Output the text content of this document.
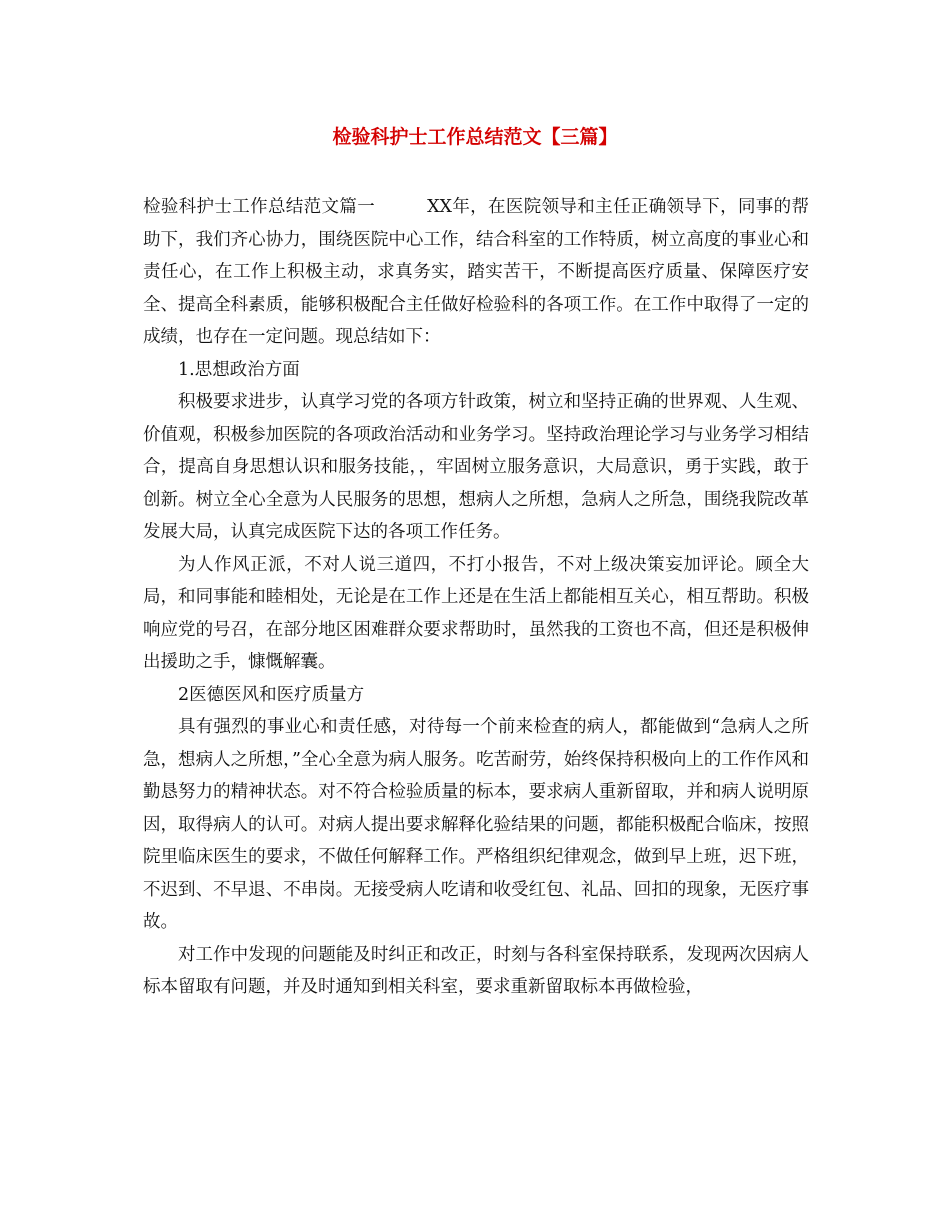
检验科护士工作总结范文【三篇】

检验科护士工作总结范文篇一	XX年，在医院领导和主任正确领导下，同事的帮助下，我们齐心协力，围绕医院中心工作，结合科室的工作特质，树立高度的事业心和责任心，在工作上积极主动，求真务实，踏实苦干，不断提高医疗质量、保障医疗安全、提高全科素质，能够积极配合主任做好检验科的各项工作。在工作中取得了一定的成绩，也存在一定问题。现总结如下：

1.思想政治方面

积极要求进步，认真学习党的各项方针政策，树立和坚持正确的世界观、人生观、价值观，积极参加医院的各项政治活动和业务学习。坚持政治理论学习与业务学习相结合，提高自身思想认识和服务技能，，牢固树立服务意识，大局意识，勇于实践，敢于创新。树立全心全意为人民服务的思想，想病人之所想，急病人之所急，围绕我院改革发展大局，认真完成医院下达的各项工作任务。

为人作风正派，不对人说三道四，不打小报告，不对上级决策妄加评论。顾全大局，和同事能和睦相处，无论是在工作上还是在生活上都能相互关心，相互帮助。积极响应党的号召，在部分地区困难群众要求帮助时，虽然我的工资也不高，但还是积极伸出援助之手，慷慨解囊。

2医德医风和医疗质量方

具有强烈的事业心和责任感，对待每一个前来检查的病人，都能做到“急病人之所急，想病人之所想，”全心全意为病人服务。吃苦耐劳，始终保持积极向上的工作作风和勤恳努力的精神状态。对不符合检验质量的标本，要求病人重新留取，并和病人说明原因，取得病人的认可。对病人提出要求解释化验结果的问题，都能积极配合临床，按照院里临床医生的要求，不做任何解释工作。严格组织纪律观念，做到早上班，迟下班，不迟到、不早退、不串岗。无接受病人吃请和收受红包、礼品、回扣的现象，无医疗事故。

对工作中发现的问题能及时纠正和改正，时刻与各科室保持联系，发现两次因病人标本留取有问题，并及时通知到相关科室，要求重新留取标本再做检验，
